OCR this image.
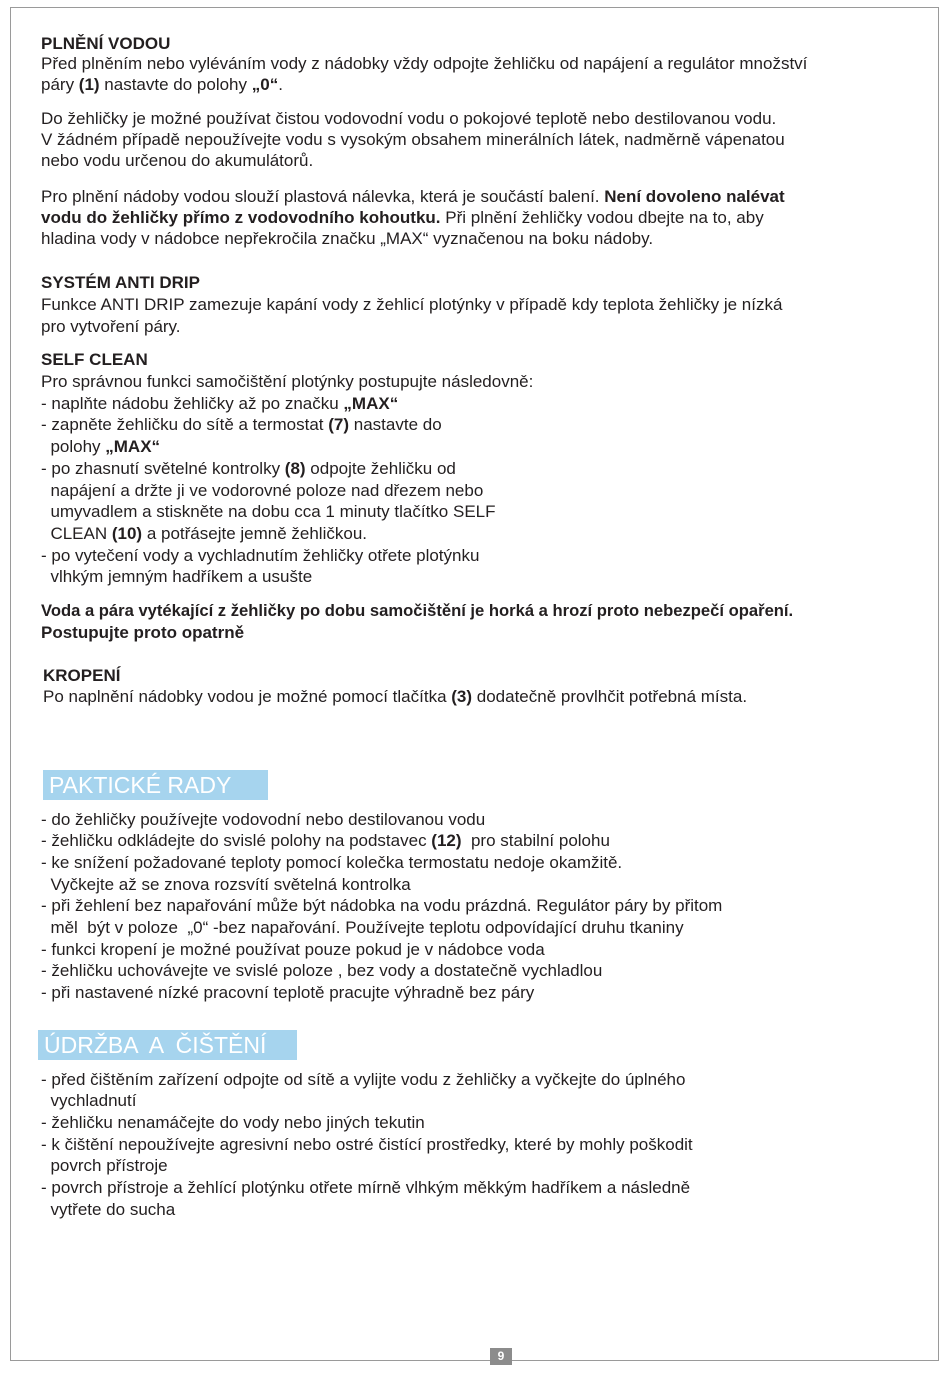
PLNĚNÍ VODOU
Před plněním nebo vyléváním vody z nádobky vždy odpojte žehličku od napájení a regulátor množství
páry (1) nastavte do polohy „0“.
Do žehličky je možné používat čistou vodovodní vodu o pokojové teplotě nebo destilovanou vodu.
V žádném případě nepoužívejte vodu s vysokým obsahem minerálních látek, nadměrně vápenatou
nebo vodu určenou do akumulátorů.
Pro plnění nádoby vodou slouží plastová nálevka, která je součástí balení. Není dovoleno nalévat
vodu do žehličky přímo z vodovodního kohoutku. Při plnění žehličky vodou dbejte na to, aby
hladina vody v nádobce nepřekročila značku „MAX“ vyznačenou na boku nádoby.
SYSTÉM ANTI DRIP
Funkce ANTI DRIP zamezuje kapání vody z žehlicí plotýnky v případě kdy teplota žehličky je nízká
pro vytvoření páry.
SELF CLEAN
Pro správnou funkci samočištění plotýnky postupujte následovně:
- naplňte nádobu žehličky až po značku „MAX“
- zapněte žehličku do sítě a termostat (7) nastavte do
polohy „MAX“
- po zhasnutí světelné kontrolky (8) odpojte žehličku od
napájení a držte ji ve vodorovné poloze nad dřezem nebo
umyvadlem a stiskněte na dobu cca 1 minuty tlačítko SELF
CLEAN (10) a potřásejte jemně žehličkou.
- po vytečení vody a vychladnutím žehličky otřete plotýnku
vlhkým jemným hadříkem a usušte
Voda a pára vytékající z žehličky po dobu samočištění je horká a hrozí proto nebezpečí opaření.
Postupujte proto opatrně
KROPENÍ
Po naplnění nádobky vodou je možné pomocí tlačítka (3) dodatečně provlhčit potřebná místa.
PAKTICKÉ RADY
- do žehličky používejte vodovodní nebo destilovanou vodu
- žehličku odkládejte do svislé polohy na podstavec (12)  pro stabilní polohu
- ke snížení požadované teploty pomocí kolečka termostatu nedoje okamžitě.
Vyčkejte až se znova rozsvítí světelná kontrolka
- při žehlení bez napařování může být nádobka na vodu prázdná. Regulátor páry by přitom
měl  být v poloze  „0“ -bez napařování. Používejte teplotu odpovídající druhu tkaniny
- funkci kropení je možné používat pouze pokud je v nádobce voda
- žehličku uchovávejte ve svislé poloze , bez vody a dostatečně vychladlou
- při nastavené nízké pracovní teplotě pracujte výhradně bez páry
ÚDRŽBA  A  ČIŠTĚNÍ
- před čištěním zařízení odpojte od sítě a vylijte vodu z žehličky a vyčkejte do úplného
vychladnutí
- žehličku nenamáčejte do vody nebo jiných tekutin
- k čištění nepoužívejte agresivní nebo ostré čistící prostředky, které by mohly poškodit
povrch přístroje
- povrch přístroje a žehlící plotýnku otřete mírně vlhkým měkkým hadříkem a následně
vytřete do sucha
9
